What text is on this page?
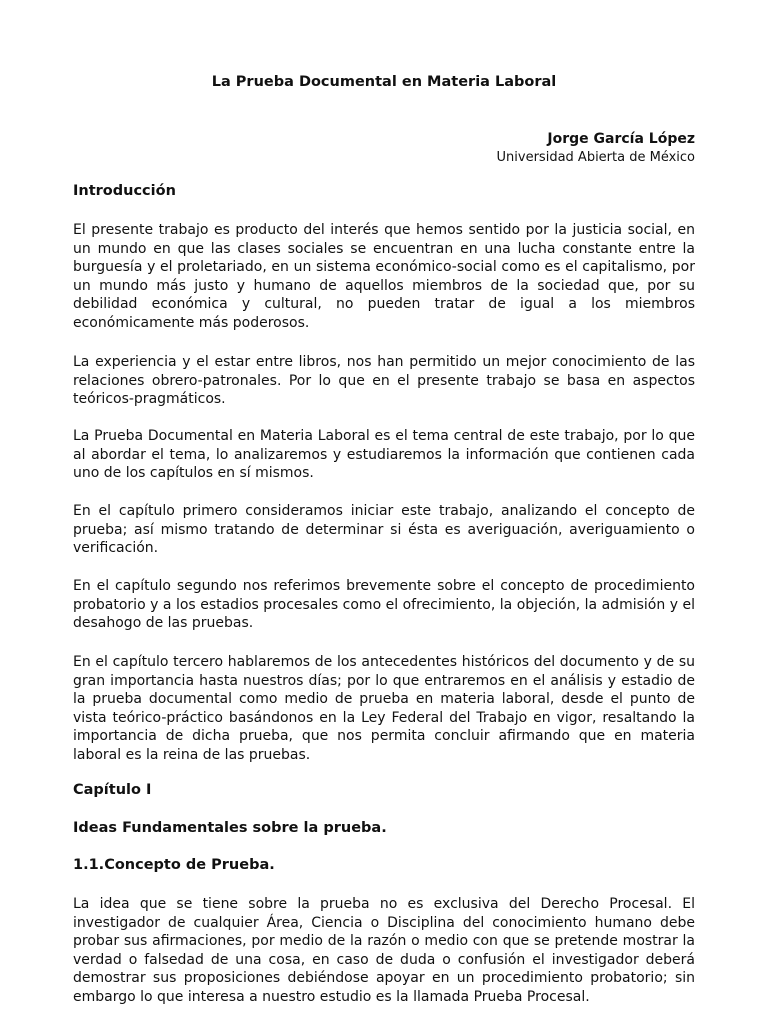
La Prueba Documental en Materia Laboral

Jorge García López

Universidad Abierta de México

Introducción

El presente trabajo es producto del interés que hemos sentido por la justicia social, en un mundo en que las clases sociales se encuentran en una lucha constante entre la burguesía y el proletariado, en un sistema económico-social como es el capitalismo, por un mundo más justo y humano de aquellos miembros de la sociedad que, por su debilidad económica y cultural, no pueden tratar de igual a los miembros económicamente más poderosos.

La experiencia y el estar entre libros, nos han permitido un mejor conocimiento de las relaciones obrero-patronales. Por lo que en el presente trabajo se basa en aspectos teóricos-pragmáticos.

La Prueba Documental en Materia Laboral es el tema central de este trabajo, por lo que al abordar el tema, lo analizaremos y estudiaremos la información que contienen cada uno de los capítulos en sí mismos.

En el capítulo primero consideramos iniciar este trabajo, analizando el concepto de prueba; así mismo tratando de determinar si ésta es averiguación, averiguamiento o verificación.

En el capítulo segundo nos referimos brevemente sobre el concepto de procedimiento probatorio y a los estadios procesales como el ofrecimiento, la objeción, la admisión y el desahogo de las pruebas.

En el capítulo tercero hablaremos de los antecedentes históricos del documento y de su gran importancia hasta nuestros días; por lo que entraremos en el análisis y estadio de la prueba documental como medio de prueba en materia laboral, desde el punto de vista teórico-práctico basándonos en la Ley Federal del Trabajo en vigor, resaltando la importancia de dicha prueba, que nos permita concluir afirmando que en materia laboral es la reina de las pruebas.

Capítulo I
Ideas Fundamentales sobre la prueba.
1.1.Concepto de Prueba.

La idea que se tiene sobre la prueba no es exclusiva del Derecho Procesal. El investigador de cualquier Área, Ciencia o Disciplina del conocimiento humano debe probar sus afirmaciones, por medio de la razón o medio con que se pretende mostrar la verdad o falsedad de una cosa, en caso de duda o confusión el investigador deberá demostrar sus proposiciones debiéndose apoyar en un procedimiento probatorio; sin embargo lo que interesa a nuestro estudio es la llamada Prueba Procesal.
